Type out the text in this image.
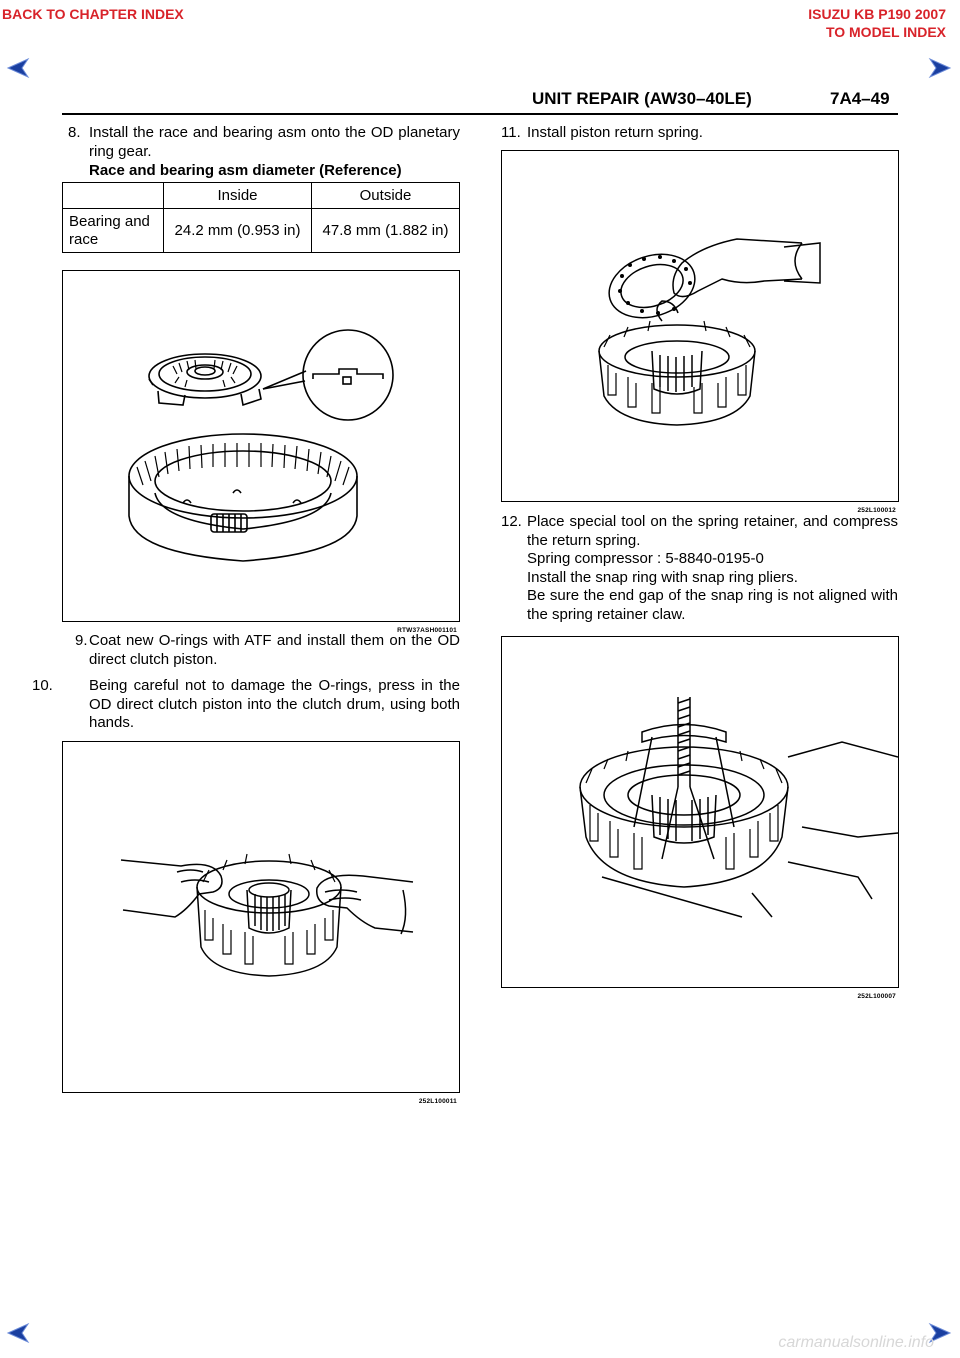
BACK TO CHAPTER INDEX	ISUZU KB P190 2007
TO MODEL INDEX
UNIT REPAIR (AW30–40LE)	7A4–49
8. Install the race and bearing asm onto the OD planetary ring gear.
Race and bearing asm diameter (Reference)
	Inside	Outside
Bearing and race	24.2 mm (0.953 in)	47.8 mm (1.882 in)
RTW37ASH001101
9. Coat new O-rings with ATF and install them on the OD direct clutch piston.
10.	Being careful not to damage the O-rings, press in the OD direct clutch piston into the clutch drum, using both hands.
252L100011
11. Install piston return spring.
252L100012
12. Place special tool on the spring retainer, and compress the return spring.
Spring compressor : 5-8840-0195-0
Install the snap ring with snap ring pliers.
Be sure the end gap of the snap ring is not aligned with the spring retainer claw.
252L100007
carmanualsonline.info
